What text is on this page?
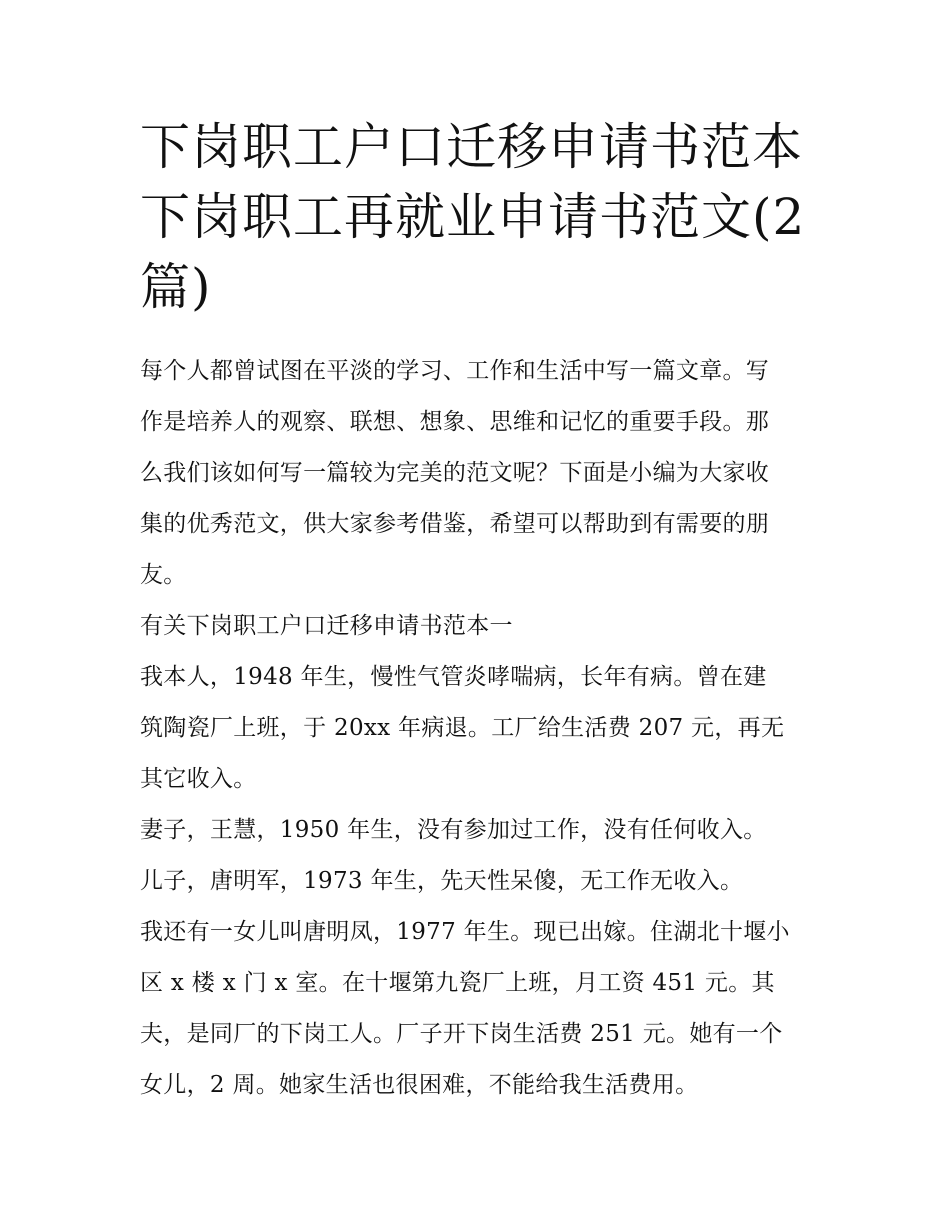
下岗职工户口迁移申请书范本
下岗职工再就业申请书范文(2
篇)
每个人都曾试图在平淡的学习、工作和生活中写一篇文章。写
作是培养人的观察、联想、想象、思维和记忆的重要手段。那
么我们该如何写一篇较为完美的范文呢？下面是小编为大家收
集的优秀范文，供大家参考借鉴，希望可以帮助到有需要的朋
友。
有关下岗职工户口迁移申请书范本一
我本人，1948 年生，慢性气管炎哮喘病，长年有病。曾在建
筑陶瓷厂上班，于 20xx 年病退。工厂给生活费 207 元，再无
其它收入。
妻子，王慧，1950 年生，没有参加过工作，没有任何收入。
儿子，唐明军，1973 年生，先天性呆傻，无工作无收入。
我还有一女儿叫唐明凤，1977 年生。现已出嫁。住湖北十堰小
区 x 楼 x 门 x 室。在十堰第九瓷厂上班，月工资 451 元。其
夫，是同厂的下岗工人。厂子开下岗生活费 251 元。她有一个
女儿，2 周。她家生活也很困难，不能给我生活费用。
